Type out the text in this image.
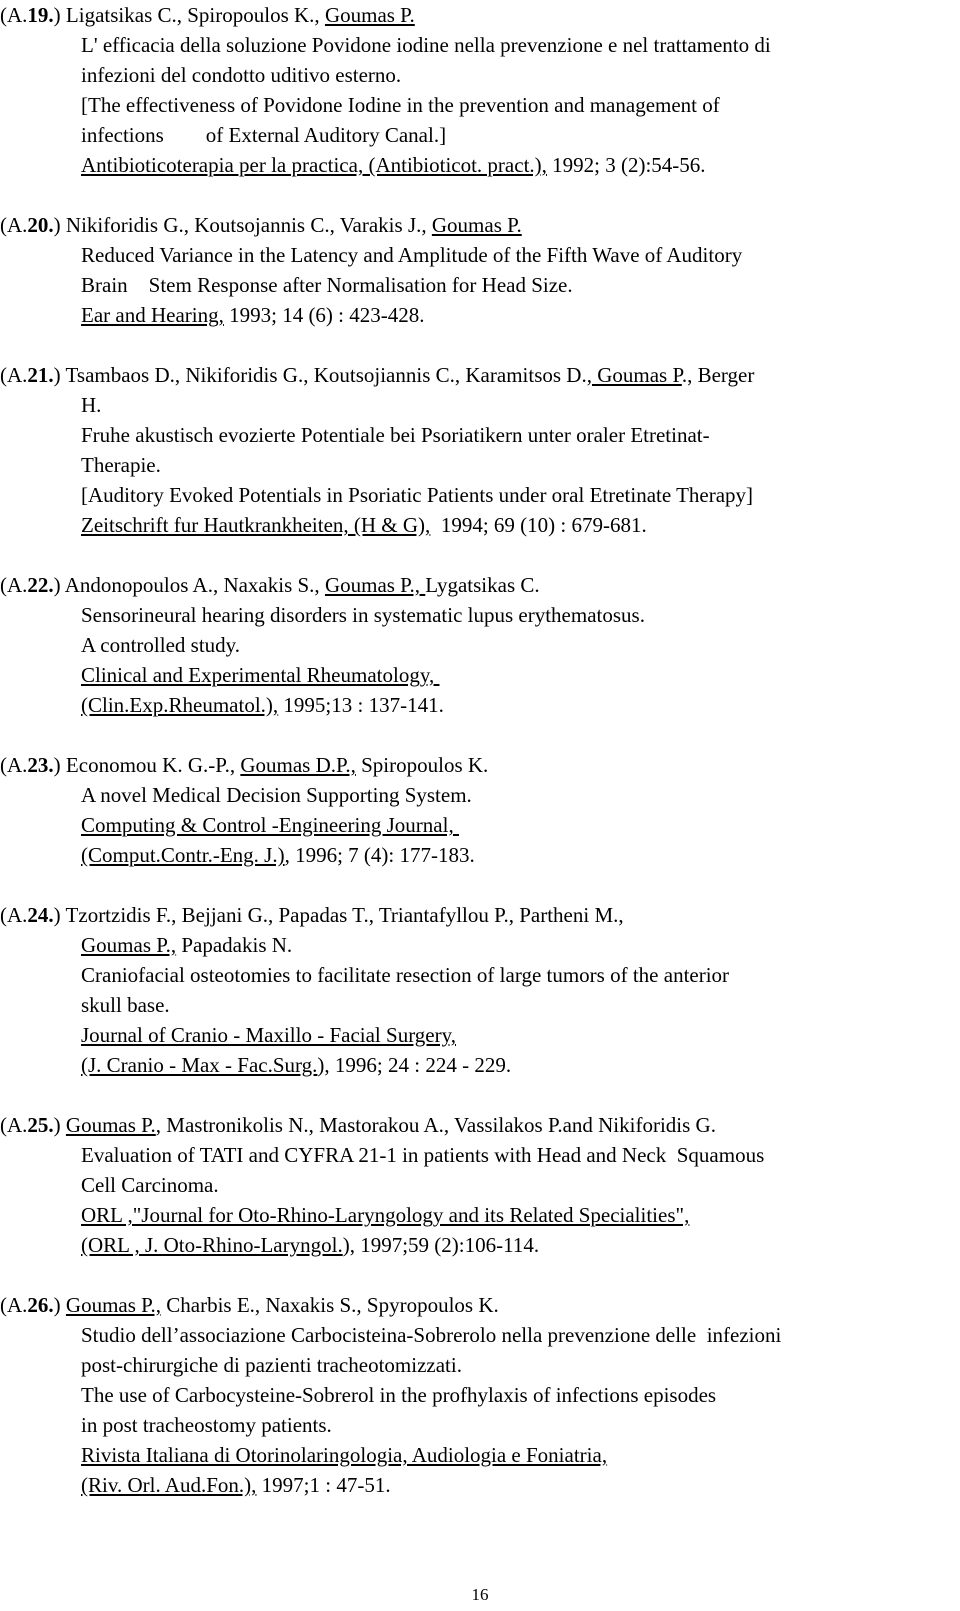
(A.19.) Ligatsikas C., Spiropoulos K., Goumas P.
L' efficacia della soluzione Povidone iodine nella prevenzione e nel trattamento di
infezioni del condotto uditivo esterno.
[The effectiveness of Povidone Iodine in the prevention and management of
infections        of External Auditory Canal.]
Antibioticoterapia per la practica, (Antibioticot. pract.), 1992; 3 (2):54-56.
(A.20.) Nikiforidis G., Koutsojannis C., Varakis J., Goumas P.
Reduced Variance in the Latency and Amplitude of the Fifth Wave of Auditory
Brain    Stem Response after Normalisation for Head Size.
Ear and Hearing, 1993; 14 (6) : 423-428.
(A.21.) Tsambaos D., Nikiforidis G., Koutsojiannis C., Karamitsos D., Goumas P., Berger
H.
Fruhe akustisch evozierte Potentiale bei Psoriatikern unter oraler Etretinat-
Therapie.
[Auditory Evoked Potentials in Psoriatic Patients under oral Etretinate Therapy]
Zeitschrift fur Hautkrankheiten, (H & G),  1994; 69 (10) : 679-681.
(A.22.) Andonopoulos A., Naxakis S., Goumas P., Lygatsikas C.
Sensorineural hearing disorders in systematic lupus erythematosus.
A controlled study.
Clinical and Experimental Rheumatology,
(Clin.Exp.Rheumatol.), 1995;13 : 137-141.
(A.23.) Economou K. G.-P., Goumas D.P., Spiropoulos K.
A novel Medical Decision Supporting System.
Computing & Control -Engineering Journal,
(Comput.Contr.-Eng. J.), 1996; 7 (4): 177-183.
(A.24.) Tzortzidis F., Bejjani G., Papadas T., Triantafyllou P., Partheni M.,
Goumas P., Papadakis N.
Craniofacial osteotomies to facilitate resection of large tumors of the anterior
skull base.
Journal of Cranio - Maxillo - Facial Surgery,
(J. Cranio - Max - Fac.Surg.), 1996; 24 : 224 - 229.
(A.25.) Goumas P., Mastronikolis N., Mastorakou A., Vassilakos P.and Nikiforidis G.
Evaluation of TATI and CYFRA 21-1 in patients with Head and Neck  Squamous
Cell Carcinoma.
ORL ,"Journal for Oto-Rhino-Laryngology and its Related Specialities",
(ORL , J. Oto-Rhino-Laryngol.), 1997;59 (2):106-114.
(A.26.) Goumas P., Charbis E., Naxakis S., Spyropoulos K.
Studio dell’associazione Carbocisteina-Sobrerolo nella prevenzione delle  infezioni
post-chirurgiche di pazienti tracheotomizzati.
The use of Carbocysteine-Sobrerol in the profhylaxis of infections episodes
in post tracheostomy patients.
Rivista Italiana di Otorinolaringologia, Audiologia e Foniatria,
(Riv. Orl. Aud.Fon.), 1997;1 : 47-51.
16
